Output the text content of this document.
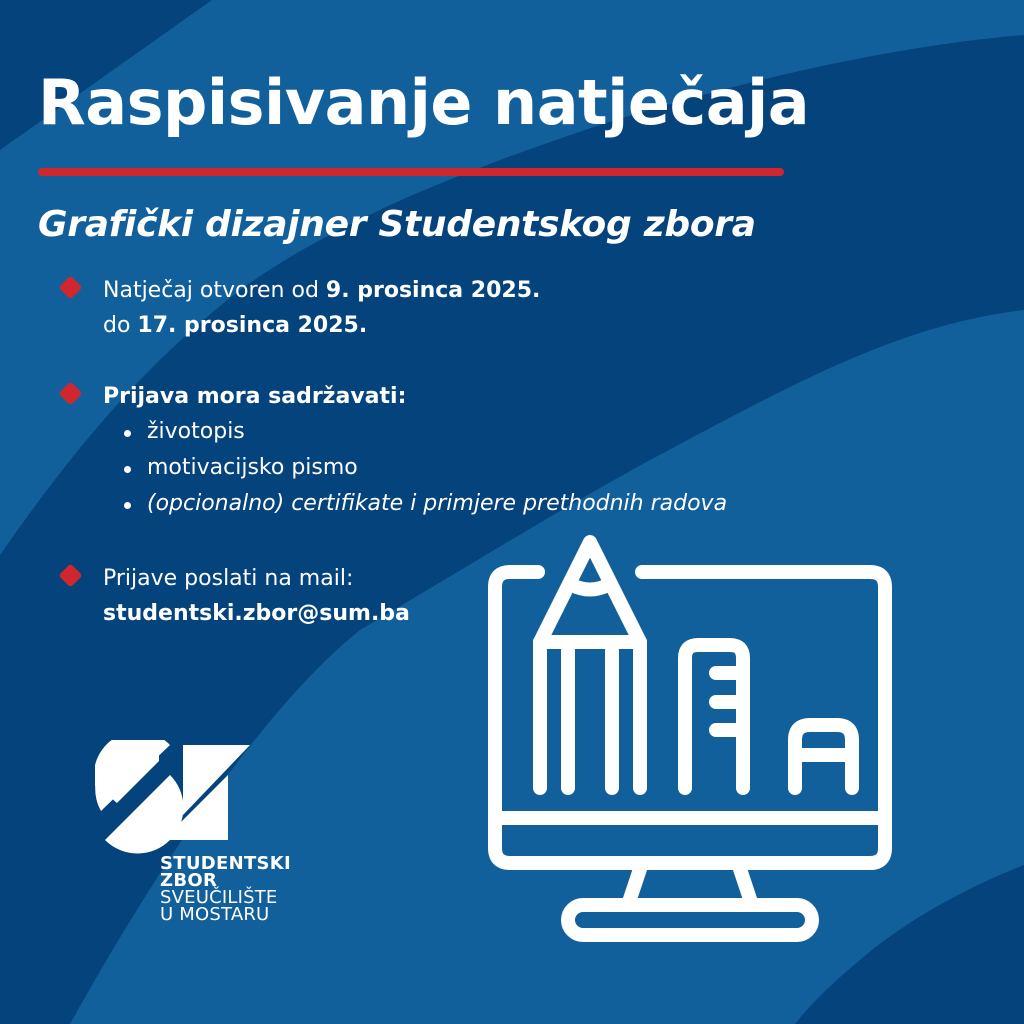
Raspisivanje natječaja
Grafički dizajner Studentskog zbora
Natječaj otvoren od 9. prosinca 2025.
do 17. prosinca 2025.
Prijava mora sadržavati:
životopis
motivacijsko pismo
(opcionalno) certifikate i primjere prethodnih radova
Prijave poslati na mail:
studentski.zbor@sum.ba
STUDENTSKI
ZBOR
SVEUČILIŠTE
U MOSTARU
